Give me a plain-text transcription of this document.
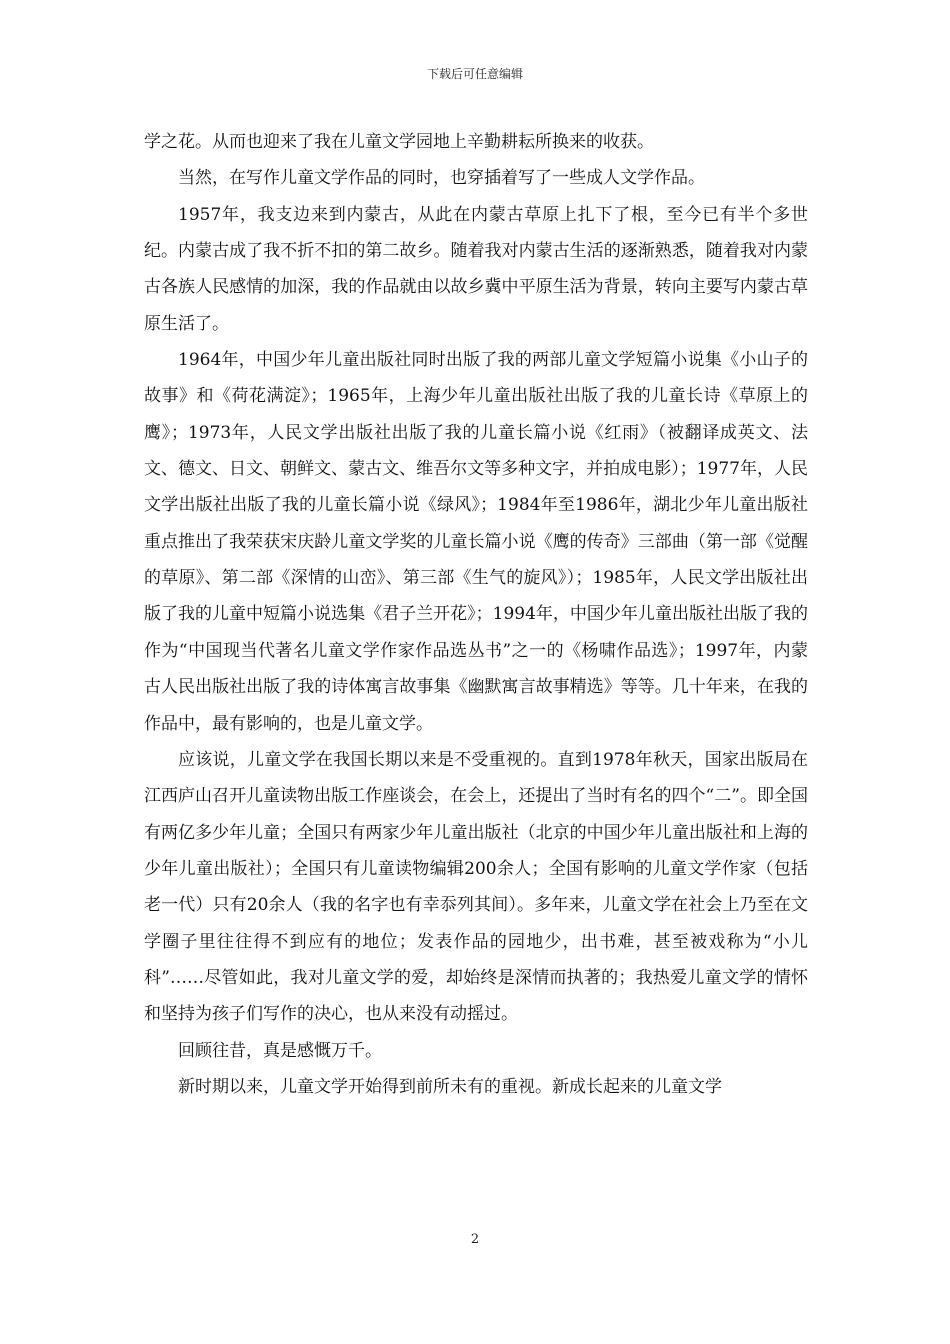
下载后可任意编辑

学之花。从而也迎来了我在儿童文学园地上辛勤耕耘所换来的收获。

当然，在写作儿童文学作品的同时，也穿插着写了一些成人文学作品。

1957年，我支边来到内蒙古，从此在内蒙古草原上扎下了根，至今已有半个多世纪。内蒙古成了我不折不扣的第二故乡。随着我对内蒙古生活的逐渐熟悉，随着我对内蒙古各族人民感情的加深，我的作品就由以故乡冀中平原生活为背景，转向主要写内蒙古草原生活了。

1964年，中国少年儿童出版社同时出版了我的两部儿童文学短篇小说集《小山子的故事》和《荷花满淀》；1965年，上海少年儿童出版社出版了我的儿童长诗《草原上的鹰》；1973年，人民文学出版社出版了我的儿童长篇小说《红雨》（被翻译成英文、法文、德文、日文、朝鲜文、蒙古文、维吾尔文等多种文字，并拍成电影）；1977年，人民文学出版社出版了我的儿童长篇小说《绿风》；1984年至1986年，湖北少年儿童出版社重点推出了我荣获宋庆龄儿童文学奖的儿童长篇小说《鹰的传奇》三部曲（第一部《觉醒的草原》、第二部《深情的山峦》、第三部《生气的旋风》）；1985年，人民文学出版社出版了我的儿童中短篇小说选集《君子兰开花》；1994年，中国少年儿童出版社出版了我的作为“中国现当代著名儿童文学作家作品选丛书”之一的《杨啸作品选》；1997年，内蒙古人民出版社出版了我的诗体寓言故事集《幽默寓言故事精选》等等。几十年来，在我的作品中，最有影响的，也是儿童文学。

应该说，儿童文学在我国长期以来是不受重视的。直到1978年秋天，国家出版局在江西庐山召开儿童读物出版工作座谈会，在会上，还提出了当时有名的四个“二”。即全国有两亿多少年儿童；全国只有两家少年儿童出版社（北京的中国少年儿童出版社和上海的少年儿童出版社）；全国只有儿童读物编辑200余人；全国有影响的儿童文学作家（包括老一代）只有20余人（我的名字也有幸忝列其间）。多年来，儿童文学在社会上乃至在文学圈子里往往得不到应有的地位；发表作品的园地少，出书难，甚至被戏称为“小儿科”……尽管如此，我对儿童文学的爱，却始终是深情而执著的；我热爱儿童文学的情怀和坚持为孩子们写作的决心，也从来没有动摇过。

回顾往昔，真是感慨万千。

新时期以来，儿童文学开始得到前所未有的重视。新成长起来的儿童文学

2
